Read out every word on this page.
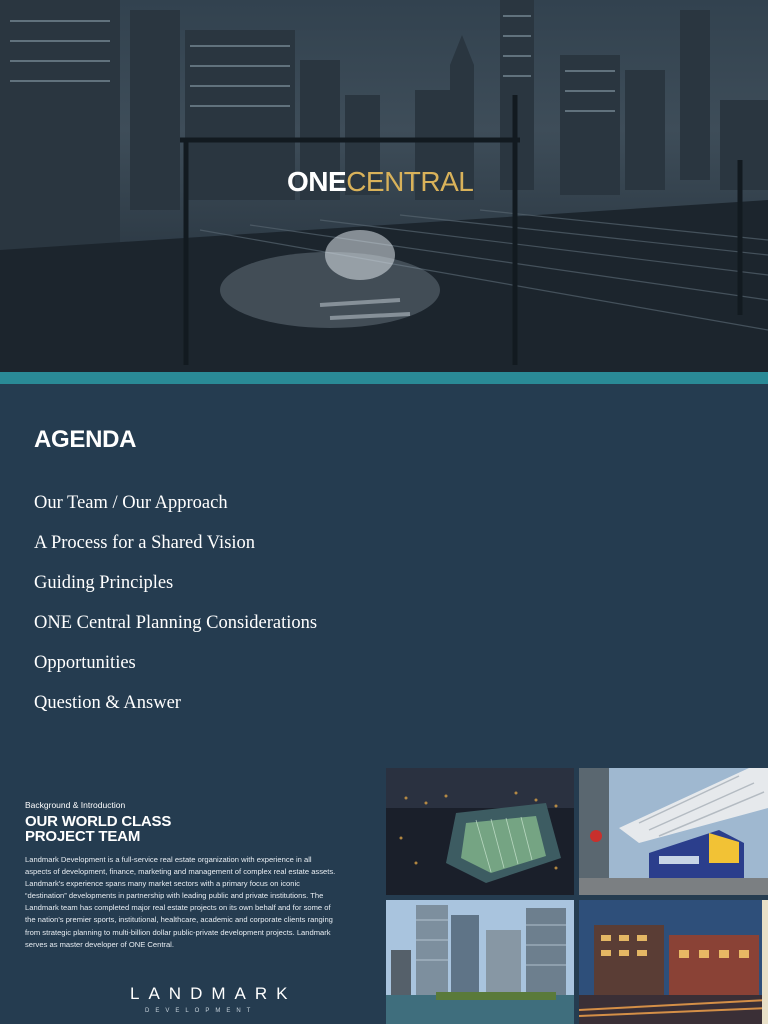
ONECENTRAL
AGENDA
Our Team / Our Approach
A Process for a Shared Vision
Guiding Principles
ONE Central Planning Considerations
Opportunities
Question & Answer
Background & Introduction
OUR WORLD CLASS
PROJECT TEAM
Landmark Development is a full-service real estate organization with experience in all aspects of development, finance, marketing and management of complex real estate assets. Landmark's experience spans many market sectors with a primary focus on iconic “destination” developments in partnership with leading public and private institutions. The Landmark team has completed major real estate projects on its own behalf and for some of the nation's premier sports, institutional, healthcare, academic and corporate clients ranging from strategic planning to multi-billion dollar public-private development projects. Landmark serves as master developer of ONE Central.
LANDMARK
DEVELOPMENT
